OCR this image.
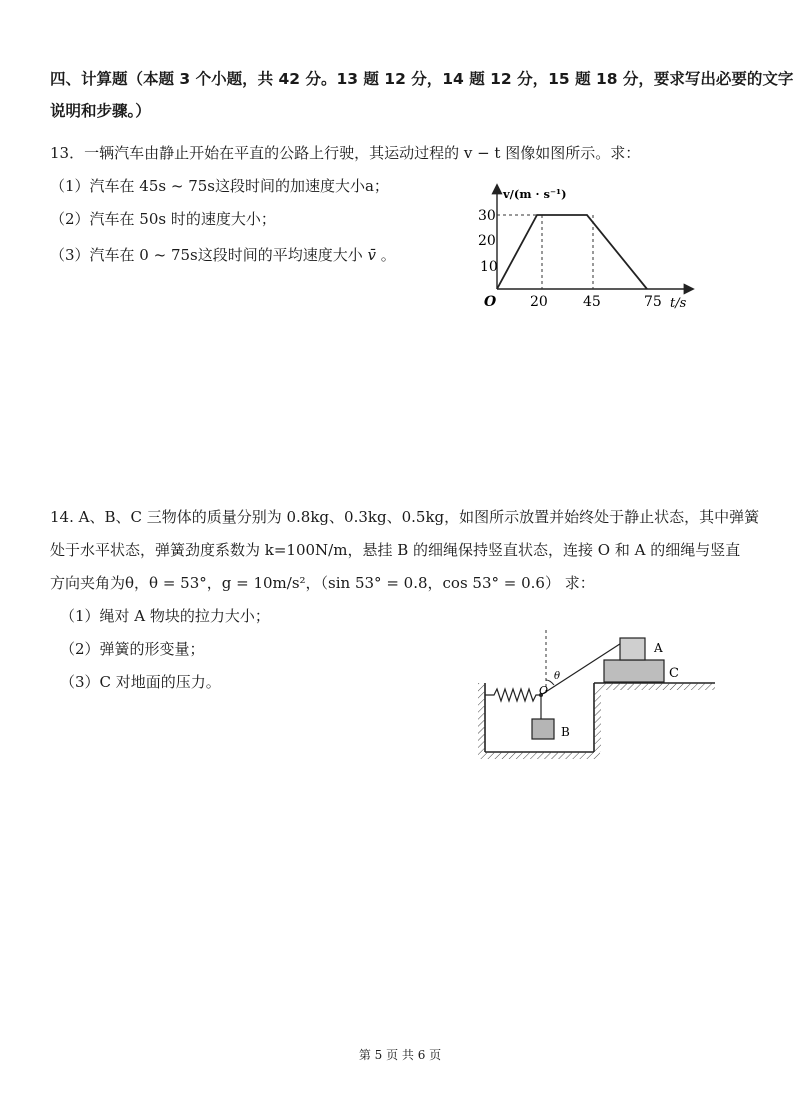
四、计算题（本题 3 个小题，共 42 分。13 题 12 分，14 题 12 分，15 题 18 分，要求写出必要的文字
说明和步骤。）
13．一辆汽车由静止开始在平直的公路上行驶，其运动过程的 v − t 图像如图所示。求：
（1）汽车在 45s ~ 75s这段时间的加速度大小a；
（2）汽车在 50s 时的速度大小；
（3）汽车在 0 ~ 75s这段时间的平均速度大小 v̄ 。
v/(m · s⁻¹)
t/s
O
10
20
30
20	45	75
14. A、B、C 三物体的质量分别为 0.8kg、0.3kg、0.5kg，如图所示放置并始终处于静止状态，其中弹簧
处于水平状态，弹簧劲度系数为 k=100N/m，悬挂 B 的细绳保持竖直状态，连接 O 和 A 的细绳与竖直
方向夹角为θ，θ = 53°，g = 10m/s²，（sin 53° = 0.8，cos 53° = 0.6） 求：
（1）绳对 A 物块的拉力大小；
（2）弹簧的形变量；
（3）C 对地面的压力。
A
C
B
O
θ
第 5 页 共 6 页
